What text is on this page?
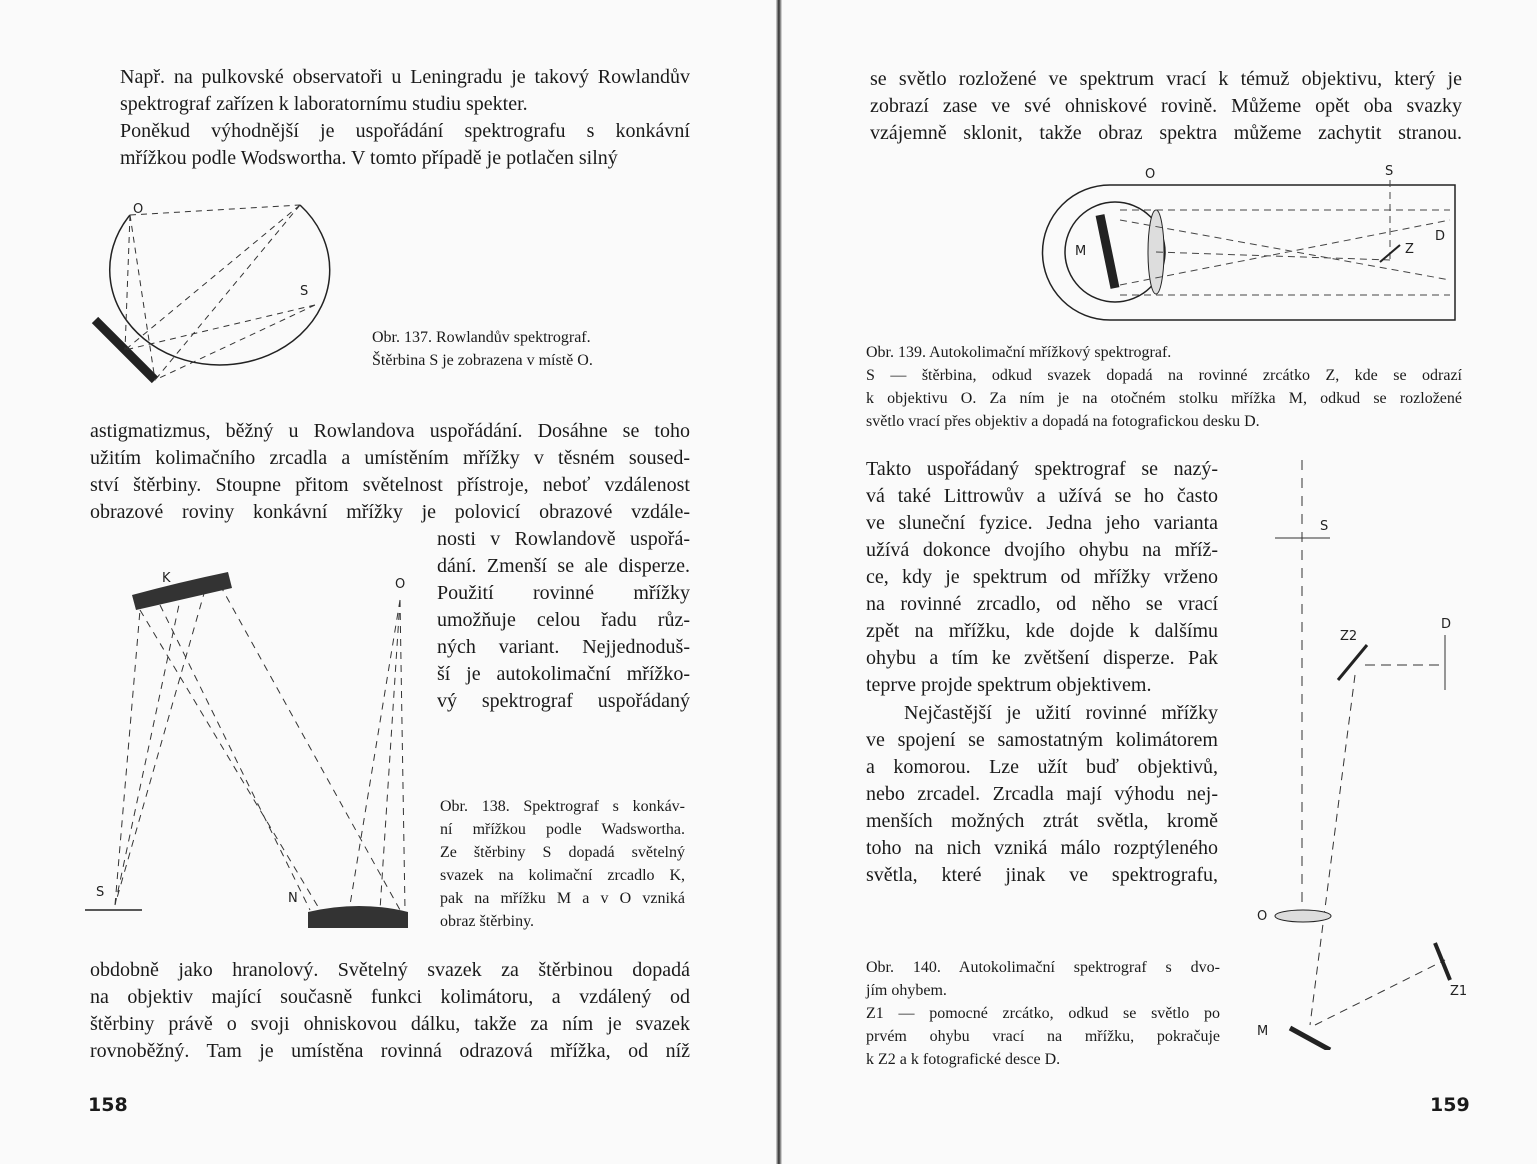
Např. na pulkovské observatoři u Leningradu je takový Rowlandův
spektrograf zařízen k laboratornímu studiu spekter.
Poněkud výhodnější je uspořádání spektrografu s konkávní
mřížkou podle Wodswortha. V tomto případě je potlačen silný
Obr. 137. Rowlandův spektrograf.
Štěrbina S je zobrazena v místě O.
astigmatizmus, běžný u Rowlandova uspořádání. Dosáhne se toho
užitím kolimačního zrcadla a umístěním mřížky v těsném soused-
ství štěrbiny. Stoupne přitom světelnost přístroje, neboť vzdálenost
obrazové roviny konkávní mřížky je polovicí obrazové vzdále-
nosti v Rowlandově uspořá-
dání. Zmenší se ale disperze.
Použití rovinné mřížky
umožňuje celou řadu růz-
ných variant. Nejjednoduš-
ší je autokolimační mřížko-
vý spektrograf uspořádaný
Obr. 138. Spektrograf s konkáv-
ní mřížkou podle Wadswortha.
Ze štěrbiny S dopadá světelný
svazek na kolimační zrcadlo K,
pak na mřížku M a v O vzniká
obraz štěrbiny.
obdobně jako hranolový. Světelný svazek za štěrbinou dopadá
na objektiv mající současně funkci kolimátoru, a vzdálený od
štěrbiny právě o svoji ohniskovou dálku, takže za ním je svazek
rovnoběžný. Tam je umístěna rovinná odrazová mřížka, od níž
158
se světlo rozložené ve spektrum vrací k témuž objektivu, který je
zobrazí zase ve své ohniskové rovině. Můžeme opět oba svazky
vzájemně sklonit, takže obraz spektra můžeme zachytit stranou.
Obr. 139. Autokolimační mřížkový spektrograf.
S — štěrbina, odkud svazek dopadá na rovinné zrcátko Z, kde se odrazí
k objektivu O. Za ním je na otočném stolku mřížka M, odkud se rozložené
světlo vrací přes objektiv a dopadá na fotografickou desku D.
Takto uspořádaný spektrograf se nazý-
vá také Littrowův a užívá se ho často
ve sluneční fyzice. Jedna jeho varianta
užívá dokonce dvojího ohybu na mříž-
ce, kdy je spektrum od mřížky vrženo
na rovinné zrcadlo, od něho se vrací
zpět na mřížku, kde dojde k dalšímu
ohybu a tím ke zvětšení disperze. Pak
teprve projde spektrum objektivem.
Nejčastější je užití rovinné mřížky
ve spojení se samostatným kolimátorem
a komorou. Lze užít buď objektivů,
nebo zrcadel. Zrcadla mají výhodu nej-
menších možných ztrát světla, kromě
toho na nich vzniká málo rozptýleného
světla, které jinak ve spektrografu,
Obr. 140. Autokolimační spektrograf s dvo-
jím ohybem.
Z1 — pomocné zrcátko, odkud se světlo po
prvém ohybu vrací na mřížku, pokračuje
k Z2 a k fotografické desce D.
159
O
S
K	O
S	N
O	S
M	Z
D
S
Z2
D
O
M
Z1
